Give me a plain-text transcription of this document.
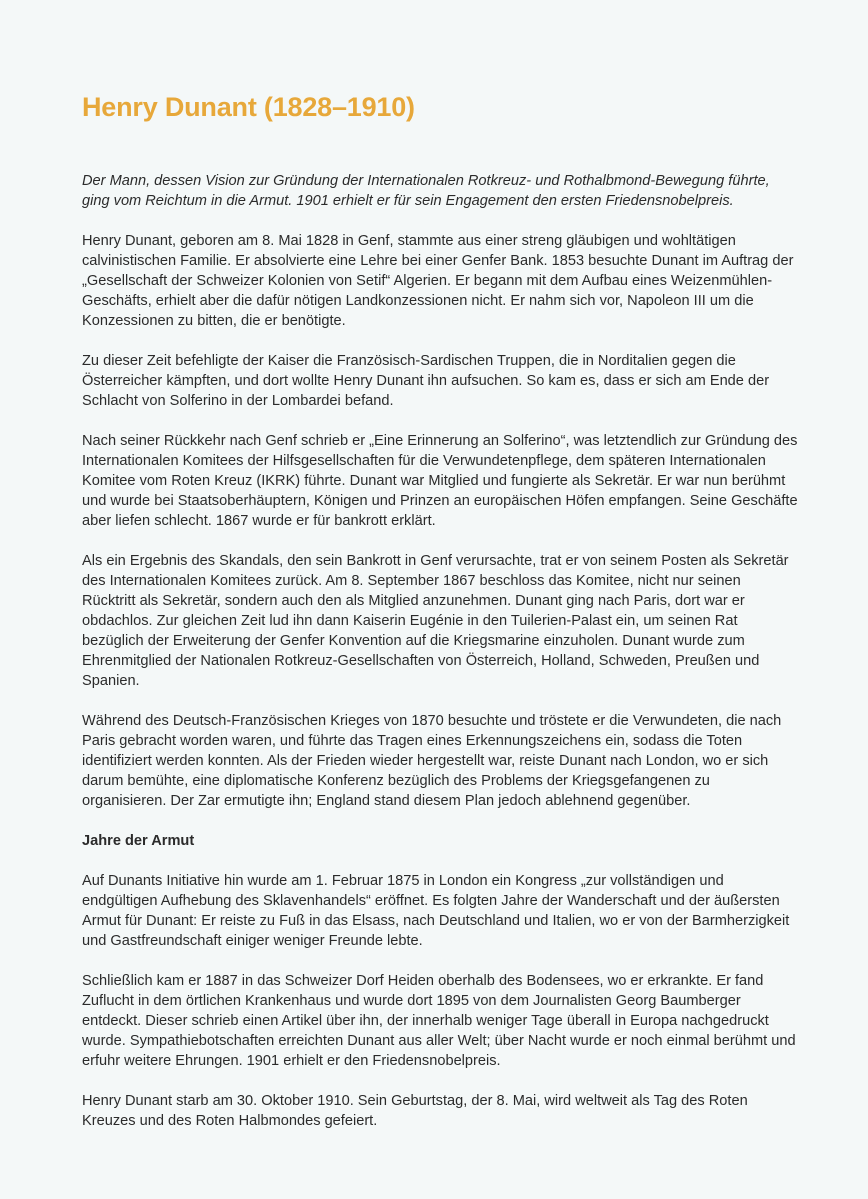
Henry Dunant (1828–1910)

Der Mann, dessen Vision zur Gründung der Internationalen Rotkreuz- und Rothalbmond-Bewegung führte, ging vom Reichtum in die Armut. 1901 erhielt er für sein Engagement den ersten Friedensnobelpreis.

Henry Dunant, geboren am 8. Mai 1828 in Genf, stammte aus einer streng gläubigen und wohltätigen calvinistischen Familie. Er absolvierte eine Lehre bei einer Genfer Bank. 1853 besuchte Dunant im Auftrag der „Gesellschaft der Schweizer Kolonien von Setif“ Algerien. Er begann mit dem Aufbau eines Weizenmühlen-Geschäfts, erhielt aber die dafür nötigen Landkonzessionen nicht. Er nahm sich vor, Napoleon III um die Konzessionen zu bitten, die er benötigte.

Zu dieser Zeit befehligte der Kaiser die Französisch-Sardischen Truppen, die in Norditalien gegen die Österreicher kämpften, und dort wollte Henry Dunant ihn aufsuchen. So kam es, dass er sich am Ende der Schlacht von Solferino in der Lombardei befand.

Nach seiner Rückkehr nach Genf schrieb er „Eine Erinnerung an Solferino“, was letztendlich zur Gründung des Internationalen Komitees der Hilfsgesellschaften für die Verwundetenpflege, dem späteren Internationalen Komitee vom Roten Kreuz (IKRK) führte. Dunant war Mitglied und fungierte als Sekretär. Er war nun berühmt und wurde bei Staatsoberhäuptern, Königen und Prinzen an europäischen Höfen empfangen. Seine Geschäfte aber liefen schlecht. 1867 wurde er für bankrott erklärt.

Als ein Ergebnis des Skandals, den sein Bankrott in Genf verursachte, trat er von seinem Posten als Sekretär des Internationalen Komitees zurück. Am 8. September 1867 beschloss das Komitee, nicht nur seinen Rücktritt als Sekretär, sondern auch den als Mitglied anzunehmen. Dunant ging nach Paris, dort war er obdachlos. Zur gleichen Zeit lud ihn dann Kaiserin Eugénie in den Tuilerien-Palast ein, um seinen Rat bezüglich der Erweiterung der Genfer Konvention auf die Kriegsmarine einzuholen. Dunant wurde zum Ehrenmitglied der Nationalen Rotkreuz-Gesellschaften von Österreich, Holland, Schweden, Preußen und Spanien.

Während des Deutsch-Französischen Krieges von 1870 besuchte und tröstete er die Verwundeten, die nach Paris gebracht worden waren, und führte das Tragen eines Erkennungszeichens ein, sodass die Toten identifiziert werden konnten. Als der Frieden wieder hergestellt war, reiste Dunant nach London, wo er sich darum bemühte, eine diplomatische Konferenz bezüglich des Problems der Kriegsgefangenen zu organisieren. Der Zar ermutigte ihn; England stand diesem Plan jedoch ablehnend gegenüber.

Jahre der Armut

Auf Dunants Initiative hin wurde am 1. Februar 1875 in London ein Kongress „zur vollständigen und endgültigen Aufhebung des Sklavenhandels“ eröffnet. Es folgten Jahre der Wanderschaft und der äußersten Armut für Dunant: Er reiste zu Fuß in das Elsass, nach Deutschland und Italien, wo er von der Barmherzigkeit und Gastfreundschaft einiger weniger Freunde lebte.

Schließlich kam er 1887 in das Schweizer Dorf Heiden oberhalb des Bodensees, wo er erkrankte. Er fand Zuflucht in dem örtlichen Krankenhaus und wurde dort 1895 von dem Journalisten Georg Baumberger entdeckt. Dieser schrieb einen Artikel über ihn, der innerhalb weniger Tage überall in Europa nachgedruckt wurde. Sympathiebotschaften erreichten Dunant aus aller Welt; über Nacht wurde er noch einmal berühmt und erfuhr weitere Ehrungen. 1901 erhielt er den Friedensnobelpreis.

Henry Dunant starb am 30. Oktober 1910. Sein Geburtstag, der 8. Mai, wird weltweit als Tag des Roten Kreuzes und des Roten Halbmondes gefeiert.
